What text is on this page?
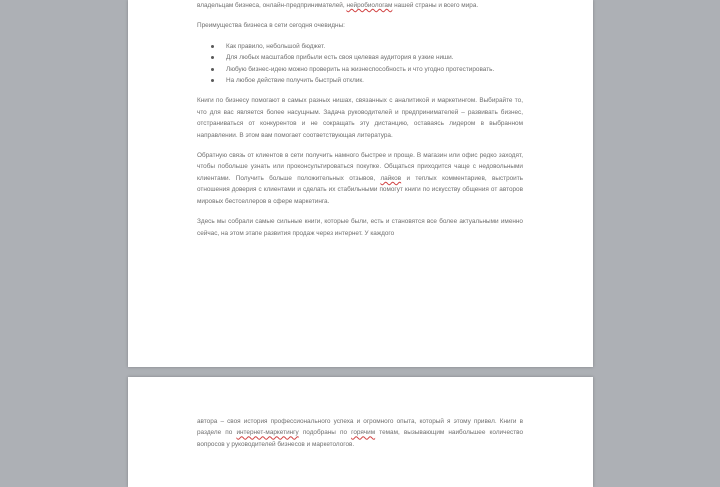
владельцам бизнеса, онлайн-предпринимателей, нейробиологам нашей страны и всего мира.

Преимущества бизнеса в сети сегодня очевидны:

Как правило, небольшой бюджет.
Для любых масштабов прибыли есть своя целевая аудитория в узкие ниши.
Любую бизнес-идею можно проверить на жизнеспособность и что угодно протестировать.
На любое действие получить быстрый отклик.

Книги по бизнесу помогают в самых разных нишах, связанных с аналитикой и маркетингом. Выбирайте то, что для вас является более насущным. Задача руководителей и предпринимателей – развивать бизнес, отстраниваться от конкурентов и не сокращать эту дистанцию, оставаясь лидером в выбранном направлении. В этом вам помогает соответствующая литература.

Обратную связь от клиентов в сети получить намного быстрее и проще. В магазин или офис редко заходят, чтобы побольше узнать или проконсультироваться покупке. Общаться приходится чаще с недовольными клиентами. Получить больше положительных отзывов, лайков и теплых комментариев, выстроить отношения доверия с клиентами и сделать их стабильными помогут книги по искусству общения от авторов мировых бестселлеров в сфере маркетинга.

Здесь мы собрали самые сильные книги, которые были, есть и становятся все более актуальными именно сейчас, на этом этапе развития продаж через интернет. У каждого

автора – своя история профессионального успеха и огромного опыта, который я этому привел. Книги в разделе по интернет-маркетингу подобраны по горячим темам, вызывающим наибольшее количество вопросов у руководителей бизнесов и маркетологов.
